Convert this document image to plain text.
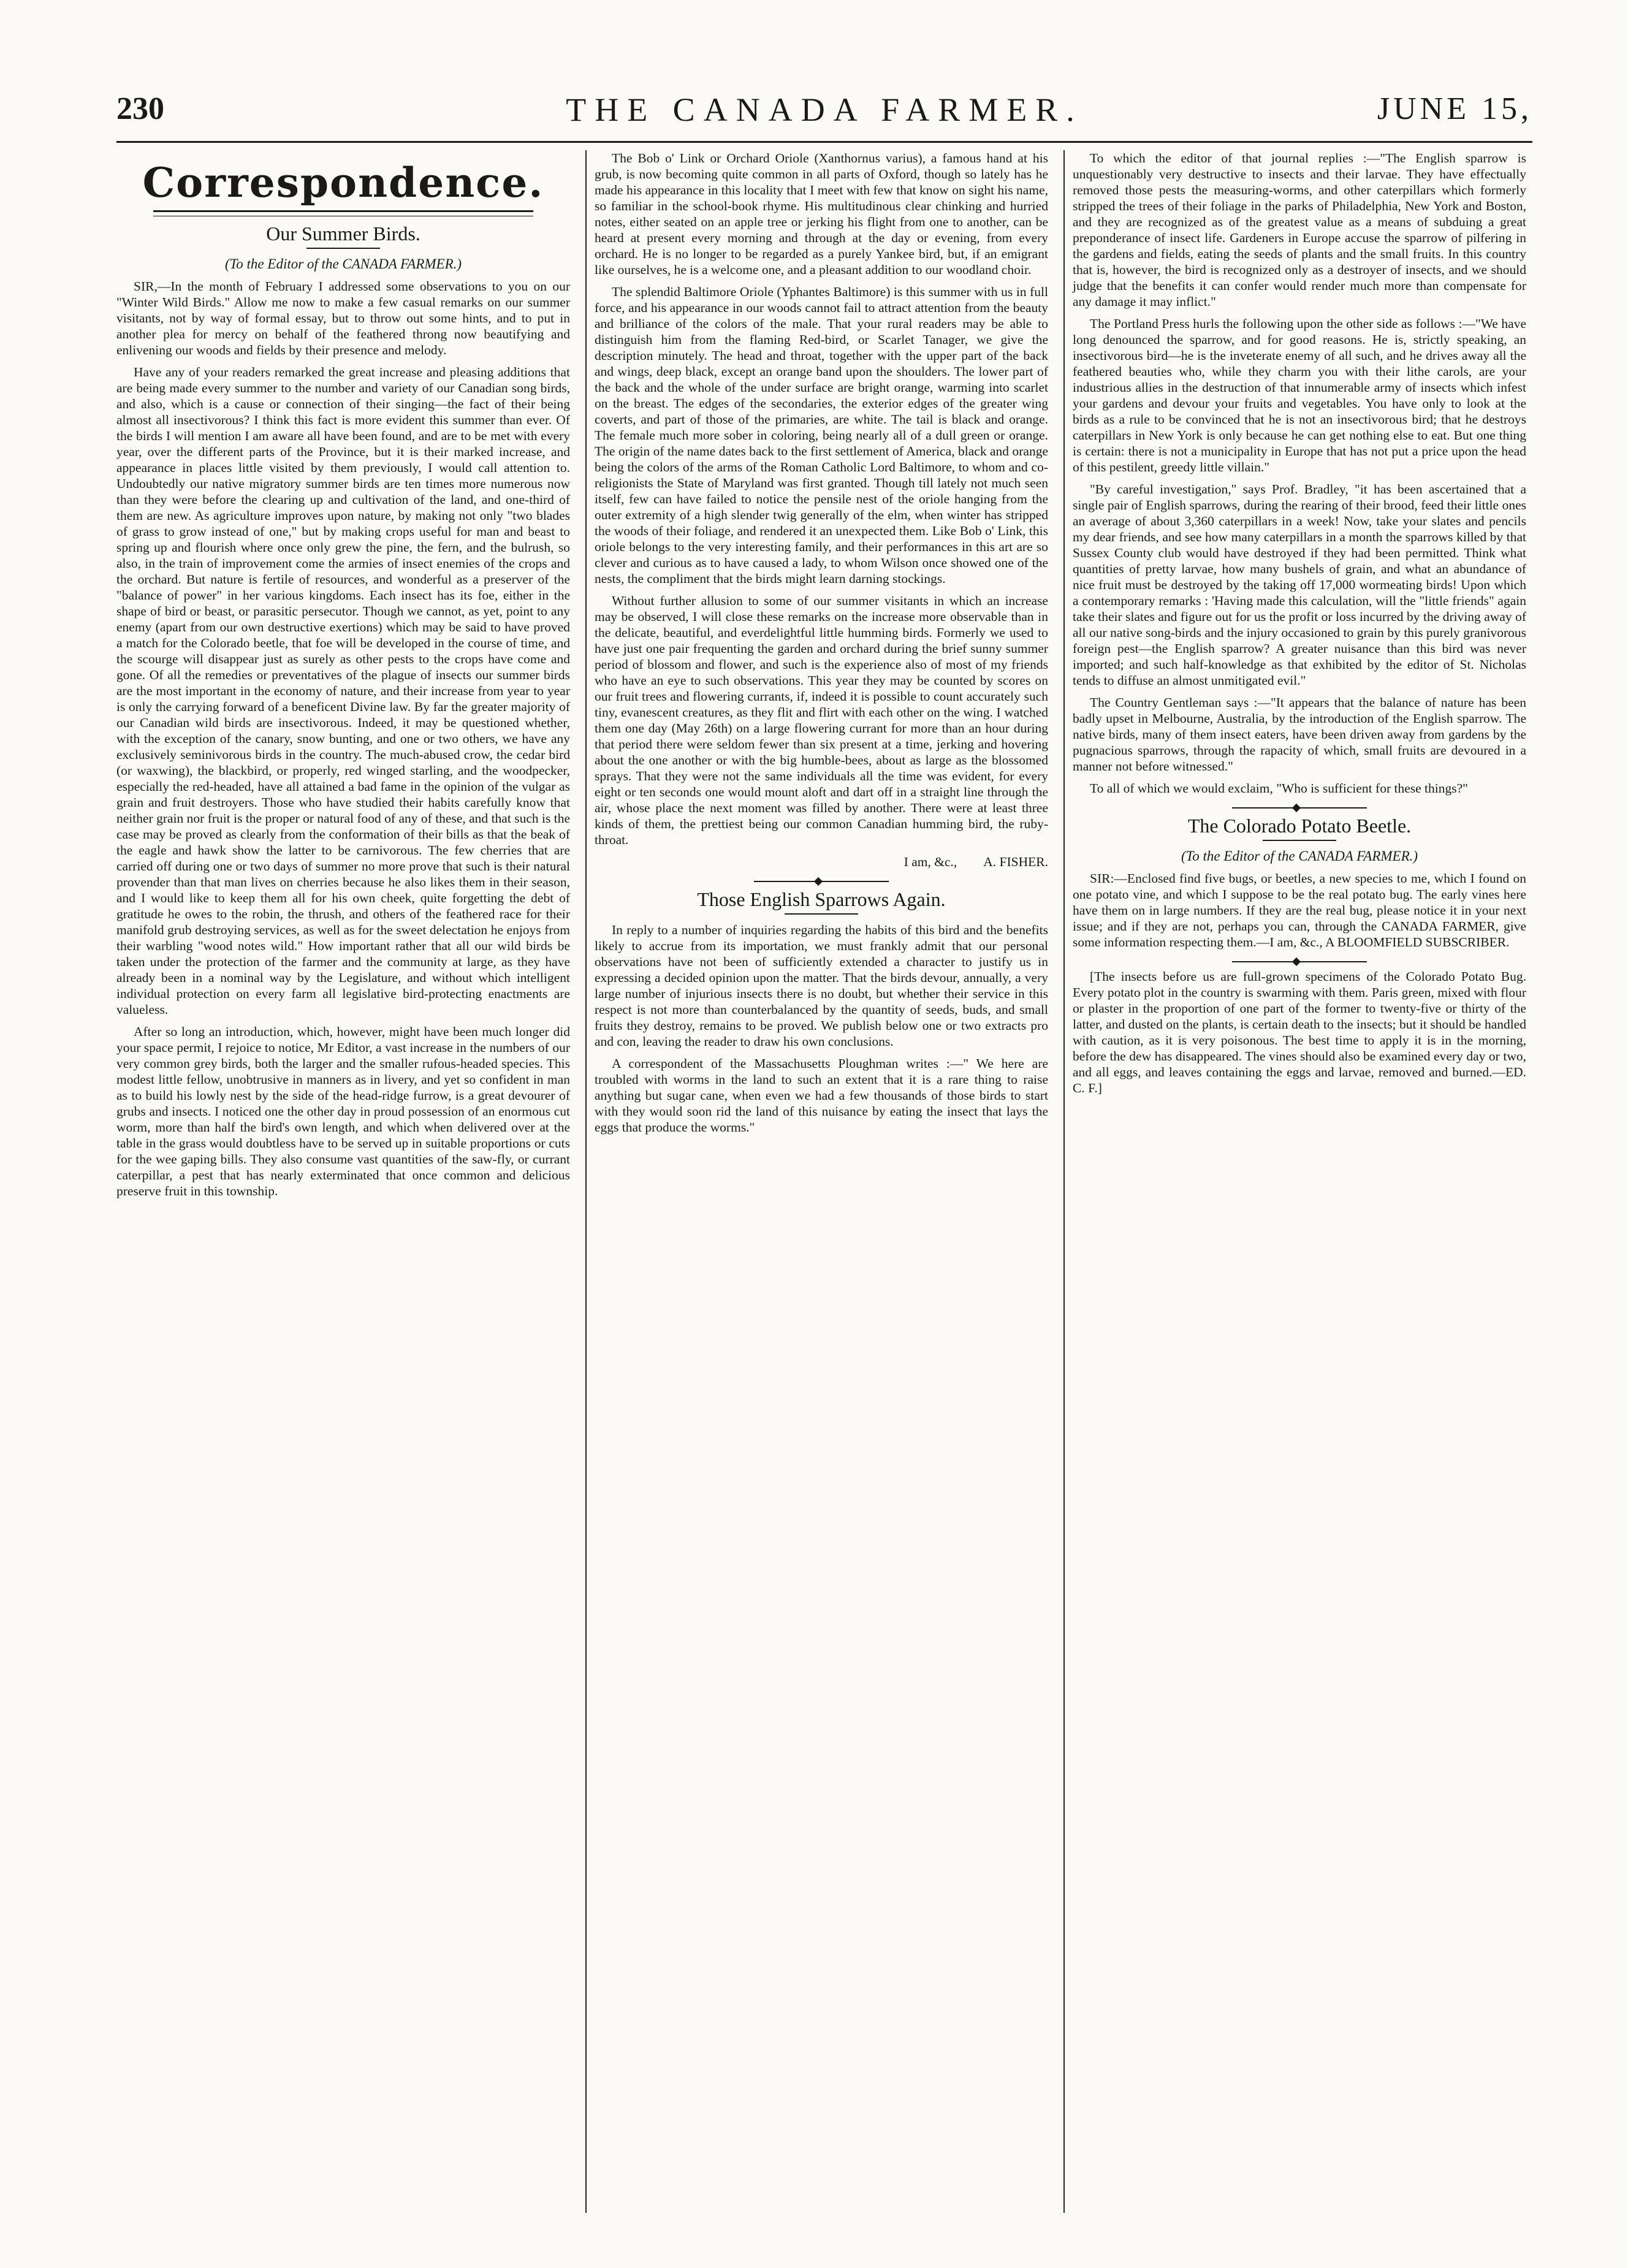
230	THE CANADA FARMER.	JUNE 15,
Correspondence.
Our Summer Birds.

(To the Editor of the CANADA FARMER.)

SIR,—In the month of February I addressed some observations to you on our "Winter Wild Birds." Allow me now to make a few casual remarks on our summer visitants, not by way of formal essay, but to throw out some hints, and to put in another plea for mercy on behalf of the feathered throng now beautifying and enlivening our woods and fields by their presence and melody.

Have any of your readers remarked the great increase and pleasing additions that are being made every summer to the number and variety of our Canadian song birds, and also, which is a cause or connection of their singing—the fact of their being almost all insectivorous? I think this fact is more evident this summer than ever. Of the birds I will mention I am aware all have been found, and are to be met with every year, over the different parts of the Province, but it is their marked increase, and appearance in places little visited by them previously, I would call attention to. Undoubtedly our native migratory summer birds are ten times more numerous now than they were before the clearing up and cultivation of the land, and one-third of them are new. As agriculture improves upon nature, by making not only "two blades of grass to grow instead of one," but by making crops useful for man and beast to spring up and flourish where once only grew the pine, the fern, and the bulrush, so also, in the train of improvement come the armies of insect enemies of the crops and the orchard. But nature is fertile of resources, and wonderful as a preserver of the "balance of power" in her various kingdoms. Each insect has its foe, either in the shape of bird or beast, or parasitic persecutor. Though we cannot, as yet, point to any enemy (apart from our own destructive exertions) which may be said to have proved a match for the Colorado beetle, that foe will be developed in the course of time, and the scourge will disappear just as surely as other pests to the crops have come and gone. Of all the remedies or preventatives of the plague of insects our summer birds are the most important in the economy of nature, and their increase from year to year is only the carrying forward of a beneficent Divine law. By far the greater majority of our Canadian wild birds are insectivorous. Indeed, it may be questioned whether, with the exception of the canary, snow bunting, and one or two others, we have any exclusively seminivorous birds in the country. The much-abused crow, the cedar bird (or waxwing), the blackbird, or properly, red winged starling, and the woodpecker, especially the red-headed, have all attained a bad fame in the opinion of the vulgar as grain and fruit destroyers. Those who have studied their habits carefully know that neither grain nor fruit is the proper or natural food of any of these, and that such is the case may be proved as clearly from the conformation of their bills as that the beak of the eagle and hawk show the latter to be carnivorous. The few cherries that are carried off during one or two days of summer no more prove that such is their natural provender than that man lives on cherries because he also likes them in their season, and I would like to keep them all for his own cheek, quite forgetting the debt of gratitude he owes to the robin, the thrush, and others of the feathered race for their manifold grub destroying services, as well as for the sweet delectation he enjoys from their warbling "wood notes wild." How important rather that all our wild birds be taken under the protection of the farmer and the community at large, as they have already been in a nominal way by the Legislature, and without which intelligent individual protection on every farm all legislative bird-protecting enactments are valueless.

After so long an introduction, which, however, might have been much longer did your space permit, I rejoice to notice, Mr Editor, a vast increase in the numbers of our very common grey birds, both the larger and the smaller rufous-headed species. This modest little fellow, unobtrusive in manners as in livery, and yet so confident in man as to build his lowly nest by the side of the head-ridge furrow, is a great devourer of grubs and insects. I noticed one the other day in proud possession of an enormous cut worm, more than half the bird's own length, and which when delivered over at the table in the grass would doubtless have to be served up in suitable proportions or cuts for the wee gaping bills. They also consume vast quantities of the saw-fly, or currant caterpillar, a pest that has nearly exterminated that once common and delicious preserve fruit in this township.

The Bob o' Link or Orchard Oriole (Xanthornus varius), a famous hand at his grub, is now becoming quite common in all parts of Oxford, though so lately has he made his appearance in this locality that I meet with few that know on sight his name, so familiar in the school-book rhyme. His multitudinous clear chinking and hurried notes, either seated on an apple tree or jerking his flight from one to another, can be heard at present every morning and through at the day or evening, from every orchard. He is no longer to be regarded as a purely Yankee bird, but, if an emigrant like ourselves, he is a welcome one, and a pleasant addition to our woodland choir.

The splendid Baltimore Oriole (Yphantes Baltimore) is this summer with us in full force, and his appearance in our woods cannot fail to attract attention from the beauty and brilliance of the colors of the male. That your rural readers may be able to distinguish him from the flaming Red-bird, or Scarlet Tanager, we give the description minutely. The head and throat, together with the upper part of the back and wings, deep black, except an orange band upon the shoulders. The lower part of the back and the whole of the under surface are bright orange, warming into scarlet on the breast. The edges of the secondaries, the exterior edges of the greater wing coverts, and part of those of the primaries, are white. The tail is black and orange. The female much more sober in coloring, being nearly all of a dull green or orange. The origin of the name dates back to the first settlement of America, black and orange being the colors of the arms of the Roman Catholic Lord Baltimore, to whom and co-religionists the State of Maryland was first granted. Though till lately not much seen itself, few can have failed to notice the pensile nest of the oriole hanging from the outer extremity of a high slender twig generally of the elm, when winter has stripped the woods of their foliage, and rendered it an unexpected them. Like Bob o' Link, this oriole belongs to the very interesting family, and their performances in this art are so clever and curious as to have caused a lady, to whom Wilson once showed one of the nests, the compliment that the birds might learn darning stockings.

Without further allusion to some of our summer visitants in which an increase may be observed, I will close these remarks on the increase more observable than in the delicate, beautiful, and everdelightful little humming birds. Formerly we used to have just one pair frequenting the garden and orchard during the brief sunny summer period of blossom and flower, and such is the experience also of most of my friends who have an eye to such observations. This year they may be counted by scores on our fruit trees and flowering currants, if, indeed it is possible to count accurately such tiny, evanescent creatures, as they flit and flirt with each other on the wing. I watched them one day (May 26th) on a large flowering currant for more than an hour during that period there were seldom fewer than six present at a time, jerking and hovering about the one another or with the big humble-bees, about as large as the blossomed sprays. That they were not the same individuals all the time was evident, for every eight or ten seconds one would mount aloft and dart off in a straight line through the air, whose place the next moment was filled by another. There were at least three kinds of them, the prettiest being our common Canadian humming bird, the ruby-throat.

I am, &c., A. FISHER.

Those English Sparrows Again.

In reply to a number of inquiries regarding the habits of this bird and the benefits likely to accrue from its importation, we must frankly admit that our personal observations have not been of sufficiently extended a character to justify us in expressing a decided opinion upon the matter. That the birds devour, annually, a very large number of injurious insects there is no doubt, but whether their service in this respect is not more than counterbalanced by the quantity of seeds, buds, and small fruits they destroy, remains to be proved. We publish below one or two extracts pro and con, leaving the reader to draw his own conclusions.

A correspondent of the Massachusetts Ploughman writes :—" We here are troubled with worms in the land to such an extent that it is a rare thing to raise anything but sugar cane, when even we had a few thousands of those birds to start with they would soon rid the land of this nuisance by eating the insect that lays the eggs that produce the worms."

To which the editor of that journal replies :—"The English sparrow is unquestionably very destructive to insects and their larvae. They have effectually removed those pests the measuring-worms, and other caterpillars which formerly stripped the trees of their foliage in the parks of Philadelphia, New York and Boston, and they are recognized as of the greatest value as a means of subduing a great preponderance of insect life. Gardeners in Europe accuse the sparrow of pilfering in the gardens and fields, eating the seeds of plants and the small fruits. In this country that is, however, the bird is recognized only as a destroyer of insects, and we should judge that the benefits it can confer would render much more than compensate for any damage it may inflict."

The Portland Press hurls the following upon the other side as follows :—"We have long denounced the sparrow, and for good reasons. He is, strictly speaking, an insectivorous bird—he is the inveterate enemy of all such, and he drives away all the feathered beauties who, while they charm you with their lithe carols, are your industrious allies in the destruction of that innumerable army of insects which infest your gardens and devour your fruits and vegetables. You have only to look at the birds as a rule to be convinced that he is not an insectivorous bird; that he destroys caterpillars in New York is only because he can get nothing else to eat. But one thing is certain: there is not a municipality in Europe that has not put a price upon the head of this pestilent, greedy little villain."

"By careful investigation," says Prof. Bradley, "it has been ascertained that a single pair of English sparrows, during the rearing of their brood, feed their little ones an average of about 3,360 caterpillars in a week! Now, take your slates and pencils my dear friends, and see how many caterpillars in a month the sparrows killed by that Sussex County club would have destroyed if they had been permitted. Think what quantities of pretty larvae, how many bushels of grain, and what an abundance of nice fruit must be destroyed by the taking off 17,000 wormeating birds! Upon which a contemporary remarks : 'Having made this calculation, will the "little friends" again take their slates and figure out for us the profit or loss incurred by the driving away of all our native song-birds and the injury occasioned to grain by this purely granivorous foreign pest—the English sparrow? A greater nuisance than this bird was never imported; and such half-knowledge as that exhibited by the editor of St. Nicholas tends to diffuse an almost unmitigated evil."

The Country Gentleman says :—"It appears that the balance of nature has been badly upset in Melbourne, Australia, by the introduction of the English sparrow. The native birds, many of them insect eaters, have been driven away from gardens by the pugnacious sparrows, through the rapacity of which, small fruits are devoured in a manner not before witnessed."

To all of which we would exclaim, "Who is sufficient for these things?"

The Colorado Potato Beetle.

(To the Editor of the CANADA FARMER.)

SIR:—Enclosed find five bugs, or beetles, a new species to me, which I found on one potato vine, and which I suppose to be the real potato bug. The early vines here have them on in large numbers. If they are the real bug, please notice it in your next issue; and if they are not, perhaps you can, through the CANADA FARMER, give some information respecting them.—I am, &c., A BLOOMFIELD SUBSCRIBER.

[The insects before us are full-grown specimens of the Colorado Potato Bug. Every potato plot in the country is swarming with them. Paris green, mixed with flour or plaster in the proportion of one part of the former to twenty-five or thirty of the latter, and dusted on the plants, is certain death to the insects; but it should be handled with caution, as it is very poisonous. The best time to apply it is in the morning, before the dew has disappeared. The vines should also be examined every day or two, and all eggs, and leaves containing the eggs and larvae, removed and burned.—ED. C. F.]
